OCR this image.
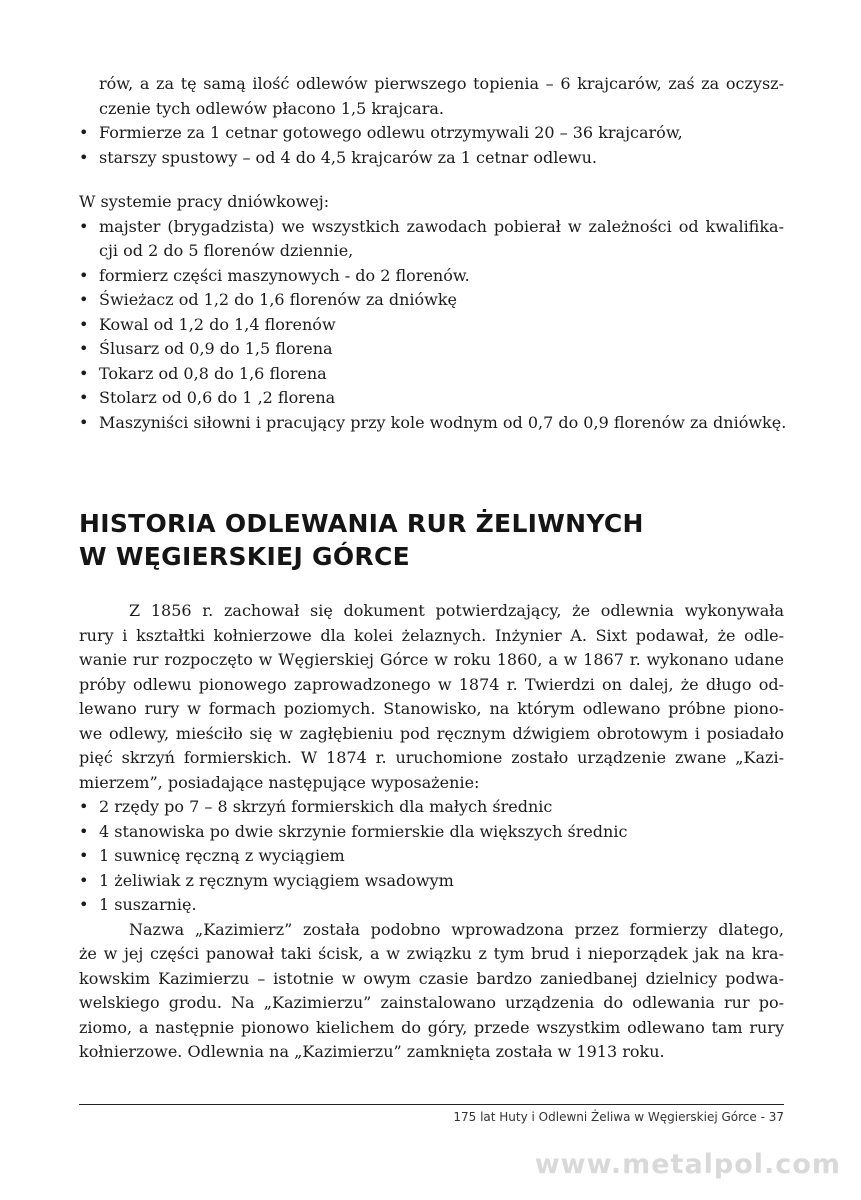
rów, a za tę samą ilość odlewów pierwszego topienia – 6 krajcarów, zaś za oczysz-

czenie tych odlewów płacono 1,5 krajcara.

• Formierze za 1 cetnar gotowego odlewu otrzymywali 20 – 36 krajcarów,
• starszy spustowy – od 4 do 4,5 krajcarów za 1 cetnar odlewu.

W systemie pracy dniówkowej:

• majster (brygadzista) we wszystkich zawodach pobierał w zależności od kwalifika-
cji od 2 do 5 florenów dziennie,
• formierz części maszynowych - do 2 florenów.
• Świeżacz od 1,2 do 1,6 florenów za dniówkę
• Kowal od 1,2 do 1,4 florenów
• Ślusarz od 0,9 do 1,5 florena
• Tokarz od 0,8 do 1,6 florena
• Stolarz od 0,6 do 1 ,2 florena
• Maszyniści siłowni i pracujący przy kole wodnym od 0,7 do 0,9 florenów za dniówkę.
HISTORIA ODLEWANIA RUR ŻELIWNYCH
W WĘGIERSKIEJ GÓRCE

Z 1856 r. zachował się dokument potwierdzający, że odlewnia wykonywała

rury i kształtki kołnierzowe dla kolei żelaznych. Inżynier A. Sixt podawał, że odle-

wanie rur rozpoczęto w Węgierskiej Górce w roku 1860, a w 1867 r. wykonano udane

próby odlewu pionowego zaprowadzonego w 1874 r. Twierdzi on dalej, że długo od-

lewano rury w formach poziomych. Stanowisko, na którym odlewano próbne piono-

we odlewy, mieściło się w zagłębieniu pod ręcznym dźwigiem obrotowym i posiadało

pięć skrzyń formierskich. W 1874 r. uruchomione zostało urządzenie zwane „Kazi-

mierzem”, posiadające następujące wyposażenie:

• 2 rzędy po 7 – 8 skrzyń formierskich dla małych średnic
• 4 stanowiska po dwie skrzynie formierskie dla większych średnic
• 1 suwnicę ręczną z wyciągiem
• 1 żeliwiak z ręcznym wyciągiem wsadowym
• 1 suszarnię.

Nazwa „Kazimierz” została podobno wprowadzona przez formierzy dlatego,

że w jej części panował taki ścisk, a w związku z tym brud i nieporządek jak na kra-

kowskim Kazimierzu – istotnie w owym czasie bardzo zaniedbanej dzielnicy podwa-

welskiego grodu. Na „Kazimierzu” zainstalowano urządzenia do odlewania rur po-

ziomo, a następnie pionowo kielichem do góry, przede wszystkim odlewano tam rury

kołnierzowe. Odlewnia na „Kazimierzu” zamknięta została w 1913 roku.

175 lat Huty i Odlewni Żeliwa w Węgierskiej Górce - 37
www.metalpol.com
